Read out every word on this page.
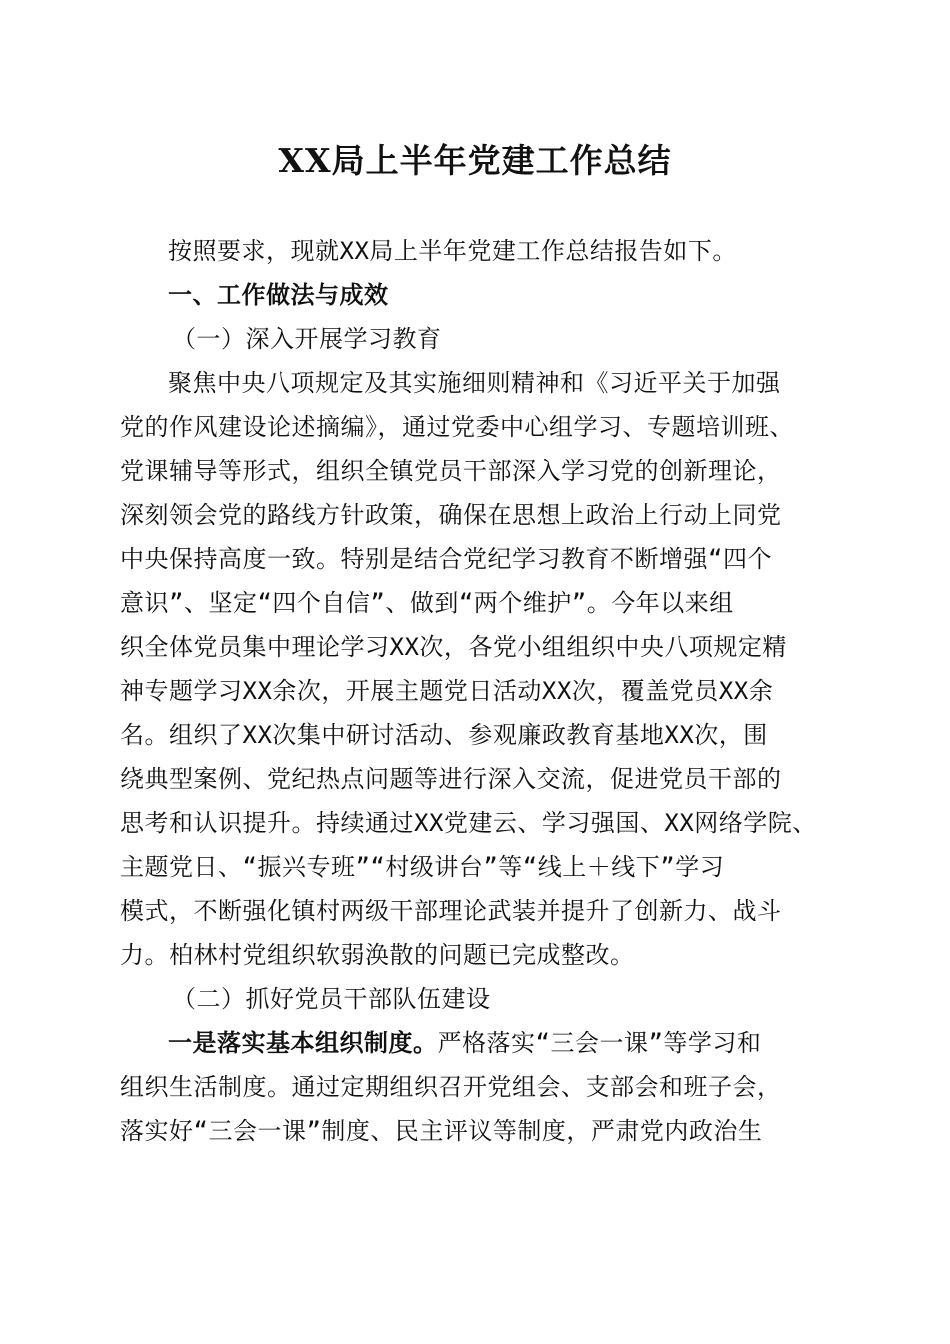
XX局上半年党建工作总结
按照要求，现就XX局上半年党建工作总结报告如下。
一、工作做法与成效
（一）深入开展学习教育
聚焦中央八项规定及其实施细则精神和《习近平关于加强
党的作风建设论述摘编》，通过党委中心组学习、专题培训班、
党课辅导等形式，组织全镇党员干部深入学习党的创新理论，
深刻领会党的路线方针政策，确保在思想上政治上行动上同党
中央保持高度一致。特别是结合党纪学习教育不断增强“四个
意识”、坚定“四个自信”、做到“两个维护”。今年以来组
织全体党员集中理论学习XX次，各党小组组织中央八项规定精
神专题学习XX余次，开展主题党日活动XX次，覆盖党员XX余
名。组织了XX次集中研讨活动、参观廉政教育基地XX次，围
绕典型案例、党纪热点问题等进行深入交流，促进党员干部的
思考和认识提升。持续通过XX党建云、学习强国、XX网络学院、
主题党日、“振兴专班”“村级讲台”等“线上＋线下”学习
模式，不断强化镇村两级干部理论武装并提升了创新力、战斗
力。柏林村党组织软弱涣散的问题已完成整改。
（二）抓好党员干部队伍建设
一是落实基本组织制度。严格落实“三会一课”等学习和
组织生活制度。通过定期组织召开党组会、支部会和班子会，
落实好“三会一课”制度、民主评议等制度，严肃党内政治生
